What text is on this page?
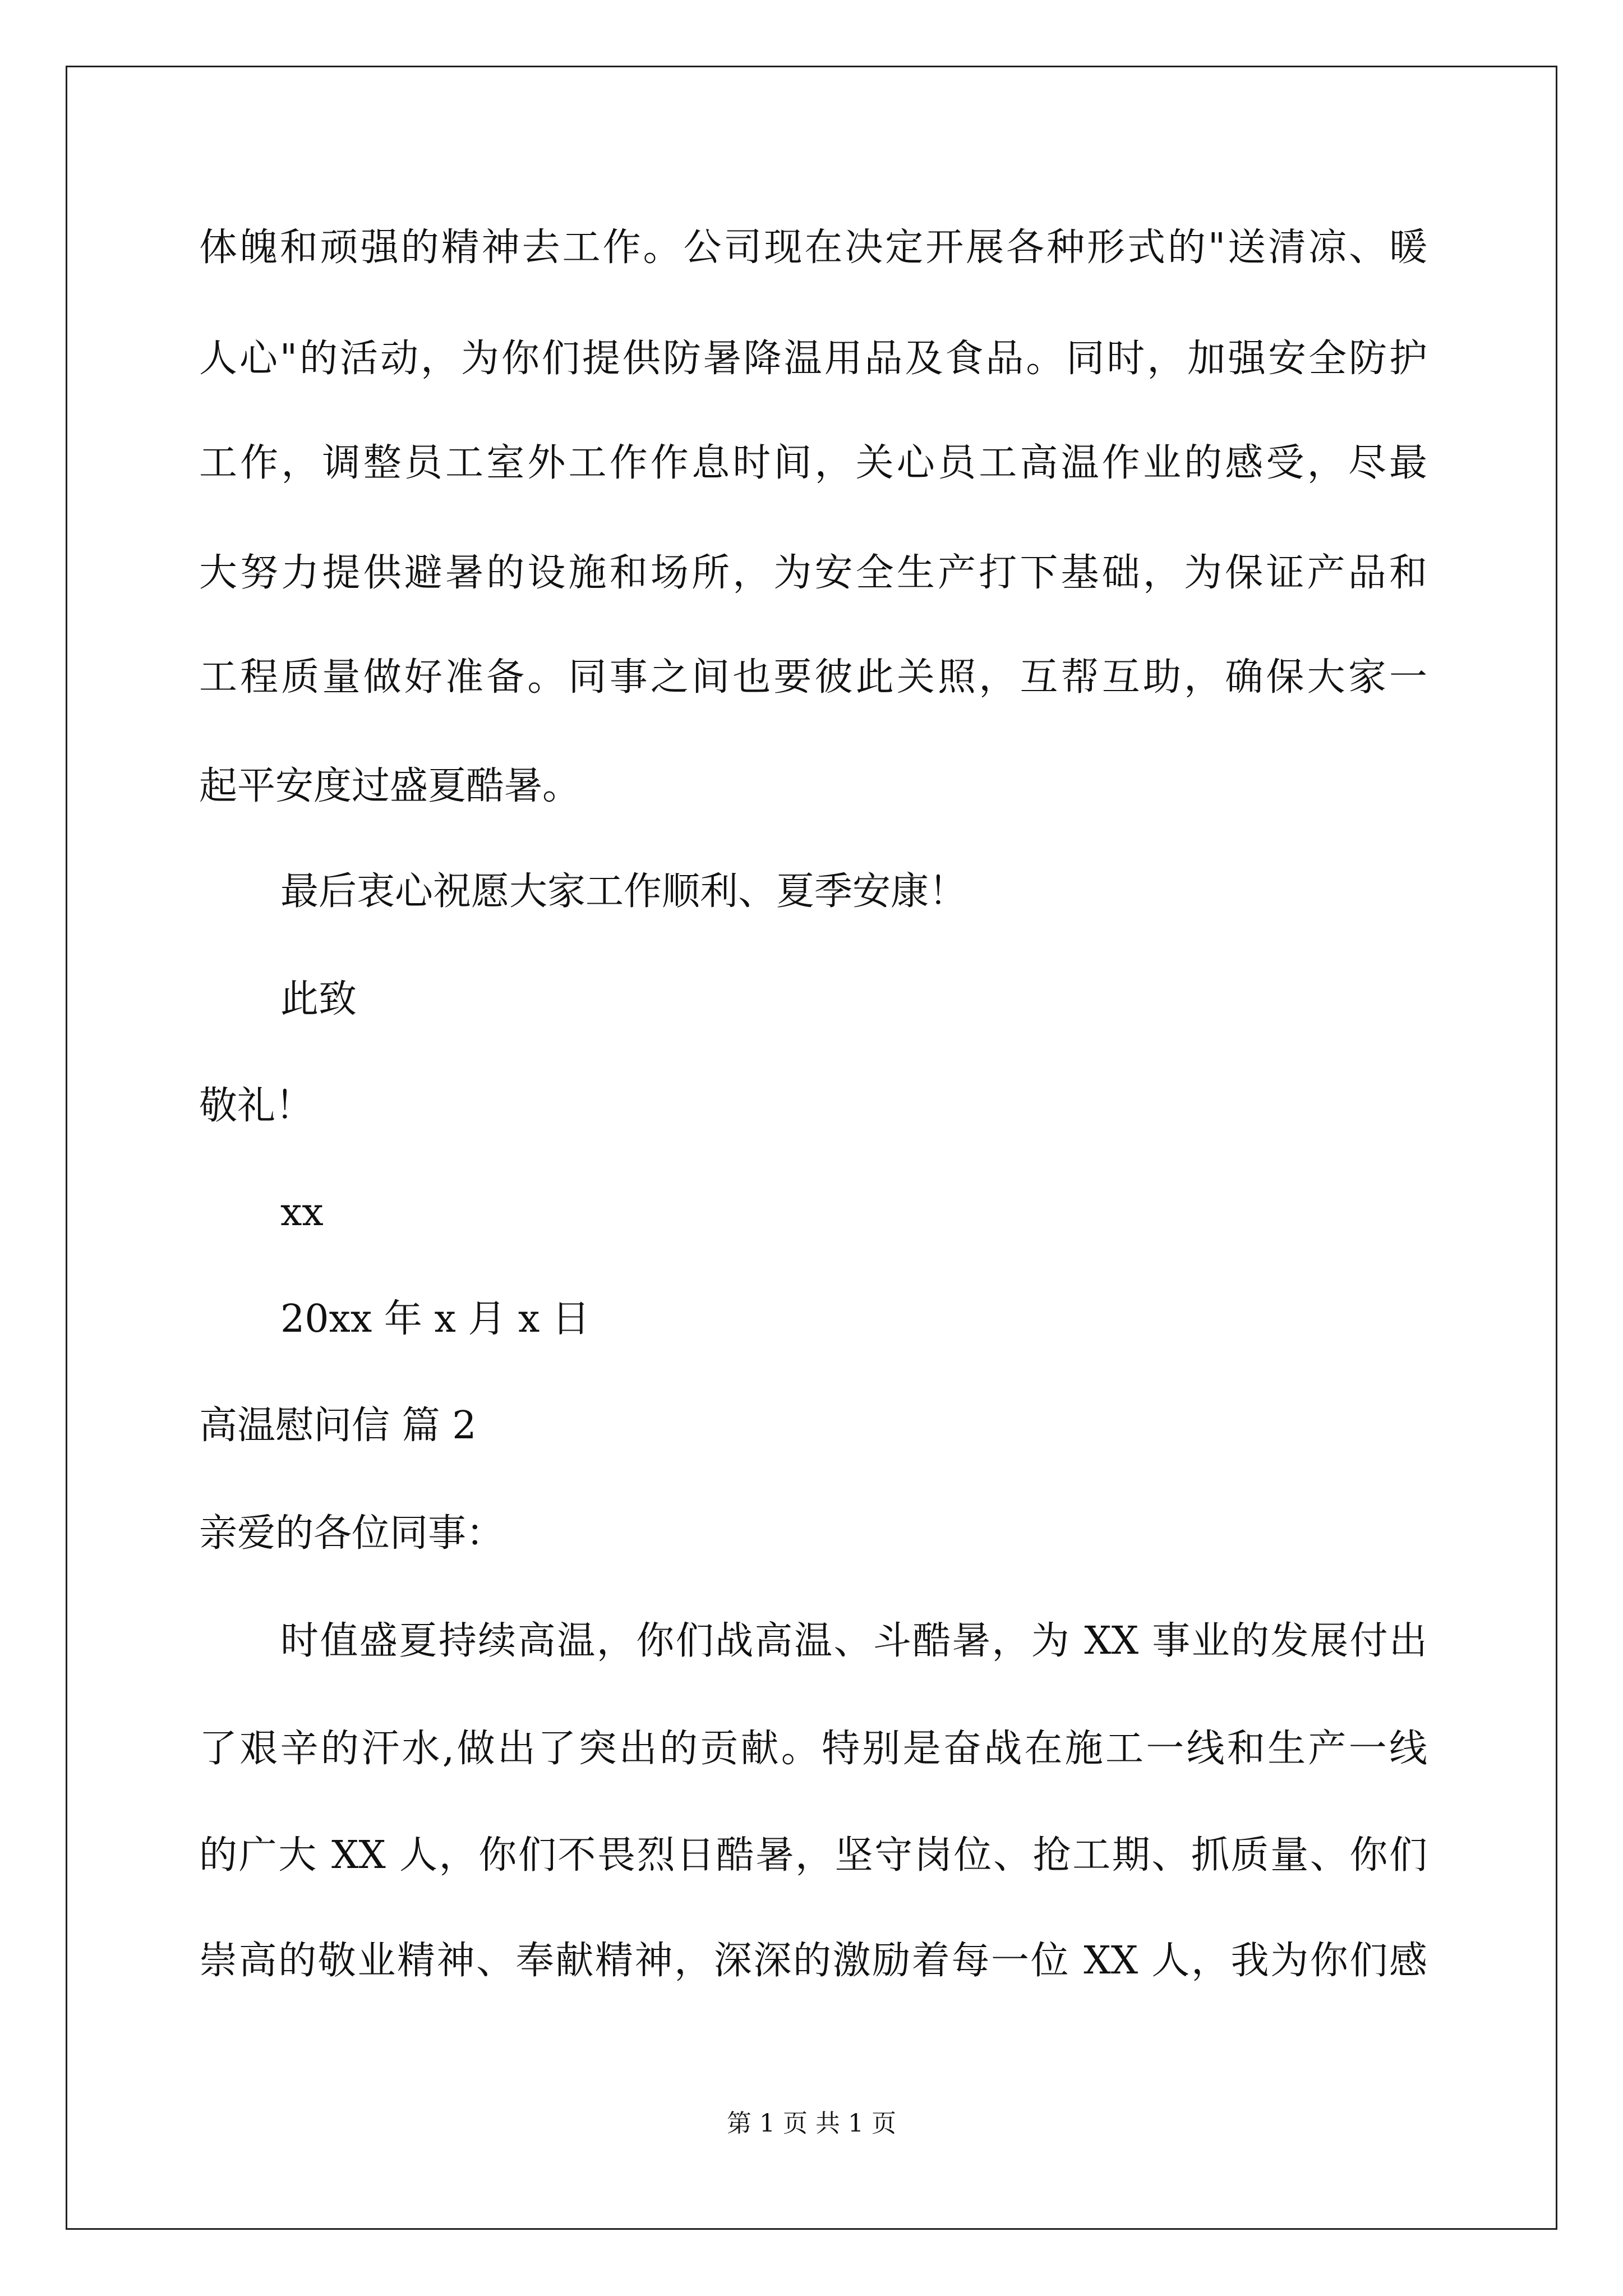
体魄和顽强的精神去工作。公司现在决定开展各种形式的"送清凉、暖
人心"的活动，为你们提供防暑降温用品及食品。同时，加强安全防护
工作，调整员工室外工作作息时间，关心员工高温作业的感受，尽最
大努力提供避暑的设施和场所，为安全生产打下基础，为保证产品和
工程质量做好准备。同事之间也要彼此关照，互帮互助，确保大家一
起平安度过盛夏酷暑。
最后衷心祝愿大家工作顺利、夏季安康！
此致
敬礼！
xx
20xx 年 x 月 x 日
高温慰问信 篇 2
亲爱的各位同事：
时值盛夏持续高温，你们战高温、斗酷暑，为 XX 事业的发展付出
了艰辛的汗水,做出了突出的贡献。特别是奋战在施工一线和生产一线
的广大 XX 人，你们不畏烈日酷暑，坚守岗位、抢工期、抓质量、你们
崇高的敬业精神、奉献精神，深深的激励着每一位 XX 人，我为你们感
第 1 页 共 1 页
